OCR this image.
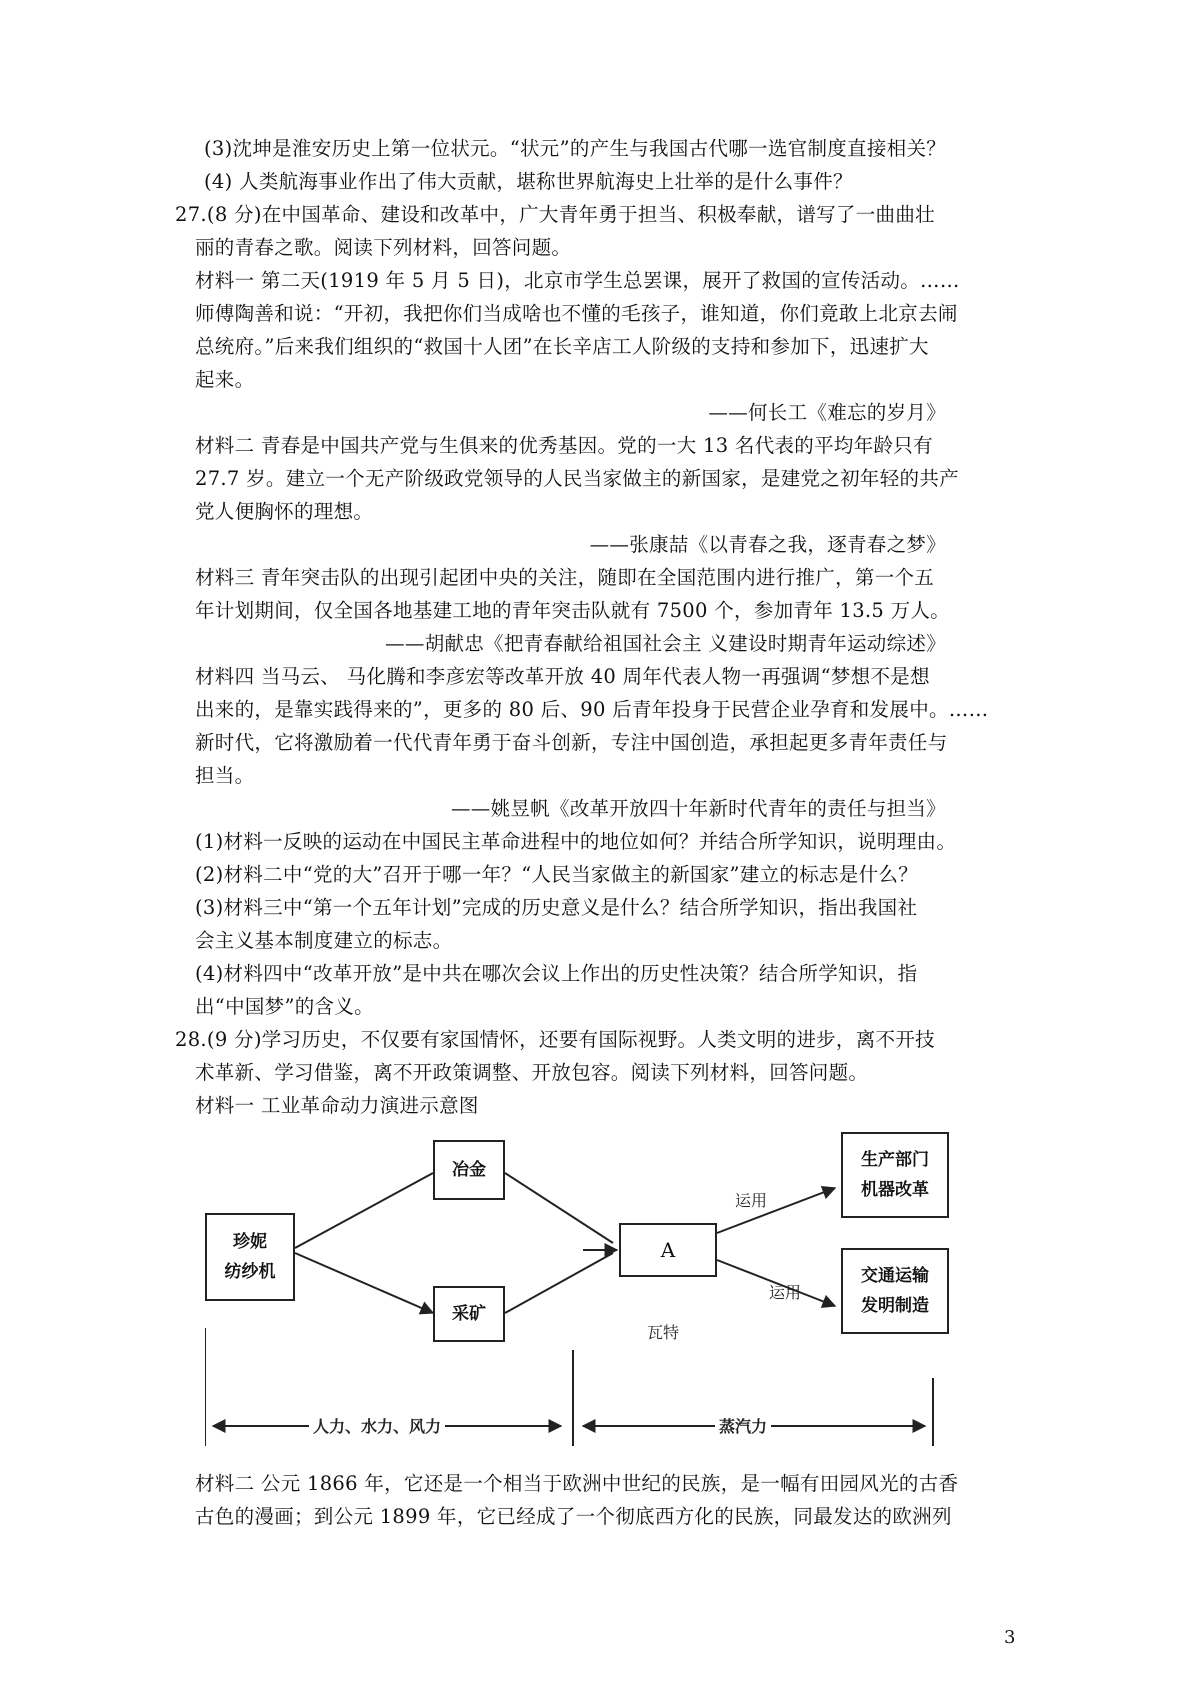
(3)沈坤是淮安历史上第一位状元。“状元”的产生与我国古代哪一选官制度直接相关？
(4) 人类航海事业作出了伟大贡献，堪称世界航海史上壮举的是什么事件？
27.(8 分)在中国革命、建设和改革中，广大青年勇于担当、积极奉献，谱写了一曲曲壮
丽的青春之歌。阅读下列材料，回答问题。
材料一 第二天(1919 年 5 月 5 日)，北京市学生总罢课，展开了救国的宣传活动。……
师傅陶善和说：“开初，我把你们当成啥也不懂的毛孩子，谁知道，你们竟敢上北京去闹
总统府。”后来我们组织的“救国十人团”在长辛店工人阶级的支持和参加下，迅速扩大
起来。
——何长工《难忘的岁月》
材料二 青春是中国共产党与生俱来的优秀基因。党的一大 13 名代表的平均年龄只有
27.7 岁。建立一个无产阶级政党领导的人民当家做主的新国家，是建党之初年轻的共产
党人便胸怀的理想。
——张康喆《以青春之我，逐青春之梦》
材料三 青年突击队的出现引起团中央的关注，随即在全国范围内进行推广，第一个五
年计划期间，仅全国各地基建工地的青年突击队就有 7500 个，参加青年 13.5 万人。
——胡献忠《把青春献给祖国社会主 义建设时期青年运动综述》
材料四 当马云、 马化腾和李彦宏等改革开放 40 周年代表人物一再强调“梦想不是想
出来的，是靠实践得来的”，更多的 80 后、90 后青年投身于民营企业孕育和发展中。……
新时代，它将激励着一代代青年勇于奋斗创新，专注中国创造，承担起更多青年责任与
担当。
——姚昱帆《改革开放四十年新时代青年的责任与担当》
(1)材料一反映的运动在中国民主革命进程中的地位如何？并结合所学知识，说明理由。
(2)材料二中“党的大”召开于哪一年？“人民当家做主的新国家”建立的标志是什么？
(3)材料三中“第一个五年计划”完成的历史意义是什么？结合所学知识，指出我国社
会主义基本制度建立的标志。
(4)材料四中“改革开放”是中共在哪次会议上作出的历史性决策？结合所学知识，指
出“中国梦”的含义。
28.(9 分)学习历史，不仅要有家国情怀，还要有国际视野。人类文明的进步，离不开技
术革新、学习借鉴，离不开政策调整、开放包容。阅读下列材料，回答问题。
材料一 工业革命动力演进示意图
珍妮
纺纱机
冶金
采矿
A
瓦特
运用
运用
生产部门
机器改革
交通运输
发明制造
人力、水力、风力	蒸汽力
材料二 公元 1866 年，它还是一个相当于欧洲中世纪的民族，是一幅有田园风光的古香
古色的漫画；到公元 1899 年，它已经成了一个彻底西方化的民族，同最发达的欧洲列
3
